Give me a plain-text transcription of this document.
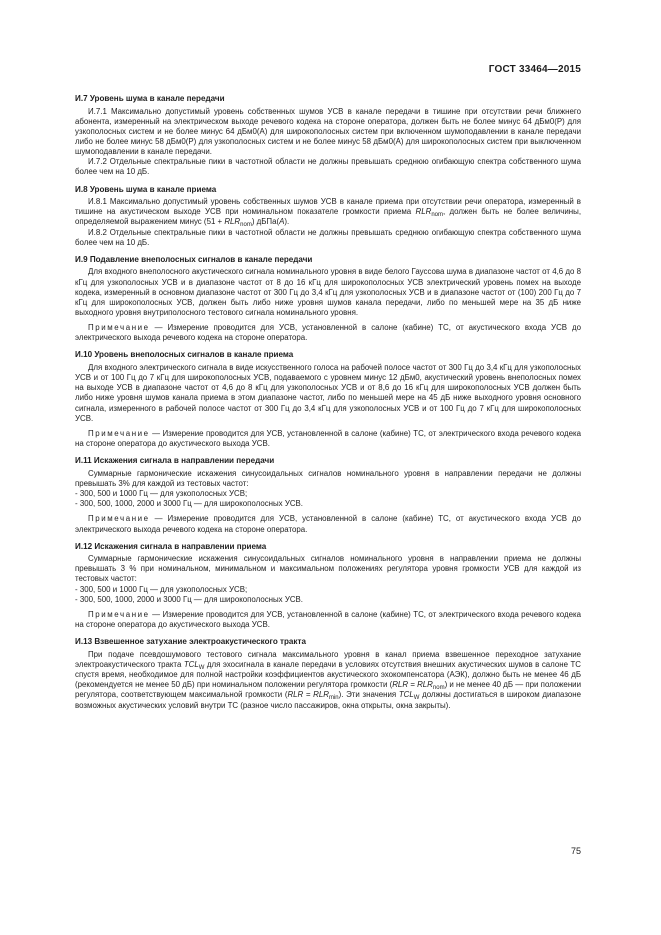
ГОСТ 33464—2015
И.7 Уровень шума в канале передачи

И.7.1 Максимально допустимый уровень собственных шумов УСВ в канале передачи в тишине при отсутствии речи ближнего абонента, измеренный на электрическом выходе речевого кодека на стороне оператора, должен быть не более минус 64 дБм0(Р) для узкополосных систем и не более минус 64 дБм0(А) для широкополосных систем при включенном шумоподавлении в канале передачи либо не более минус 58 дБм0(Р) для узкополосных систем и не более минус 58 дБм0(А) для широкополосных систем при выключенном шумоподавлении в канале передачи.

И.7.2 Отдельные спектральные пики в частотной области не должны превышать среднюю огибающую спектра собственного шума более чем на 10 дБ.

И.8 Уровень шума в канале приема

И.8.1 Максимально допустимый уровень собственных шумов УСВ в канале приема при отсутствии речи оператора, измеренный в тишине на акустическом выходе УСВ при номинальном показателе громкости приема $RLR_{nom}$, должен быть не более величины, определяемой выражением минус $(51 + RLR_{nom})$ дБПа(A).

И.8.2 Отдельные спектральные пики в частотной области не должны превышать среднюю огибающую спектра собственного шума более чем на 10 дБ.

И.9 Подавление внеполосных сигналов в канале передачи

Для входного внеполосного акустического сигнала номинального уровня в виде белого Гауссова шума в диапазоне частот от 4,6 до 8 кГц для узкополосных УСВ и в диапазоне частот от 8 до 16 кГц для широкополосных УСВ электрический уровень помех на выходе кодека, измеренный в основном диапазоне частот от 300 Гц до 3,4 кГц для узкополосных УСВ и в диапазоне частот от (100) 200 Гц до 7 кГц для широкополосных УСВ, должен быть либо ниже уровня шумов канала передачи, либо по меньшей мере на 35 дБ ниже выходного уровня внутриполосного тестового сигнала номинального уровня.

Примечание — Измерение проводится для УСВ, установленной в салоне (кабине) ТС, от акустического входа УСВ до электрического выхода речевого кодека на стороне оператора.

И.10 Уровень внеполосных сигналов в канале приема

Для входного электрического сигнала в виде искусственного голоса на рабочей полосе частот от 300 Гц до 3,4 кГц для узкополосных УСВ и от 100 Гц до 7 кГц для широкополосных УСВ, подаваемого с уровнем минус 12 дБм0, акустический уровень внеполосных помех на выходе УСВ в диапазоне частот от 4,6 до 8 кГц для узкополосных УСВ и от 8,6 до 16 кГц для широкополосных УСВ должен быть либо ниже уровня шумов канала приема в этом диапазоне частот, либо по меньшей мере на 45 дБ ниже выходного уровня основного сигнала, измеренного в рабочей полосе частот от 300 Гц до 3,4 кГц для узкополосных УСВ и от 100 Гц до 7 кГц для широкополосных УСВ.

Примечание — Измерение проводится для УСВ, установленной в салоне (кабине) ТС, от электрического входа речевого кодека на стороне оператора до акустического выхода УСВ.

И.11 Искажения сигнала в направлении передачи

Суммарные гармонические искажения синусоидальных сигналов номинального уровня в направлении передачи не должны превышать 3% для каждой из тестовых частот:

- 300, 500 и 1000 Гц — для узкополосных УСВ;

- 300, 500, 1000, 2000 и 3000 Гц — для широкополосных УСВ.

Примечание — Измерение проводится для УСВ, установленной в салоне (кабине) ТС, от акустического входа УСВ до электрического выхода речевого кодека на стороне оператора.

И.12 Искажения сигнала в направлении приема

Суммарные гармонические искажения синусоидальных сигналов номинального уровня в направлении приема не должны превышать 3 % при номинальном, минимальном и максимальном положениях регулятора уровня громкости УСВ для каждой из тестовых частот:

- 300, 500 и 1000 Гц — для узкополосных УСВ;

- 300, 500, 1000, 2000 и 3000 Гц — для широкополосных УСВ.

Примечание — Измерение проводится для УСВ, установленной в салоне (кабине) ТС, от электрического входа речевого кодека на стороне оператора до акустического выхода УСВ.

И.13 Взвешенное затухание электроакустического тракта

При подаче псевдошумового тестового сигнала максимального уровня в канал приема взвешенное переходное затухание электроакустического тракта $TCL_W$ для эхосигнала в канале передачи в условиях отсутствия внешних акустических шумов в салоне ТС спустя время, необходимое для полной настройки коэффициентов акустического эхокомпенсатора (АЭК), должно быть не менее 46 дБ (рекомендуется не менее 50 дБ) при номинальном положении регулятора громкости $(RLR = RLR_{nom})$ и не менее 40 дБ — при положении регулятора, соответствующем максимальной громкости $(RLR = RLR_{min})$. Эти значения $TCL_W$ должны достигаться в широком диапазоне возможных акустических условий внутри ТС (разное число пассажиров, окна открыты, окна закрыты).

75
